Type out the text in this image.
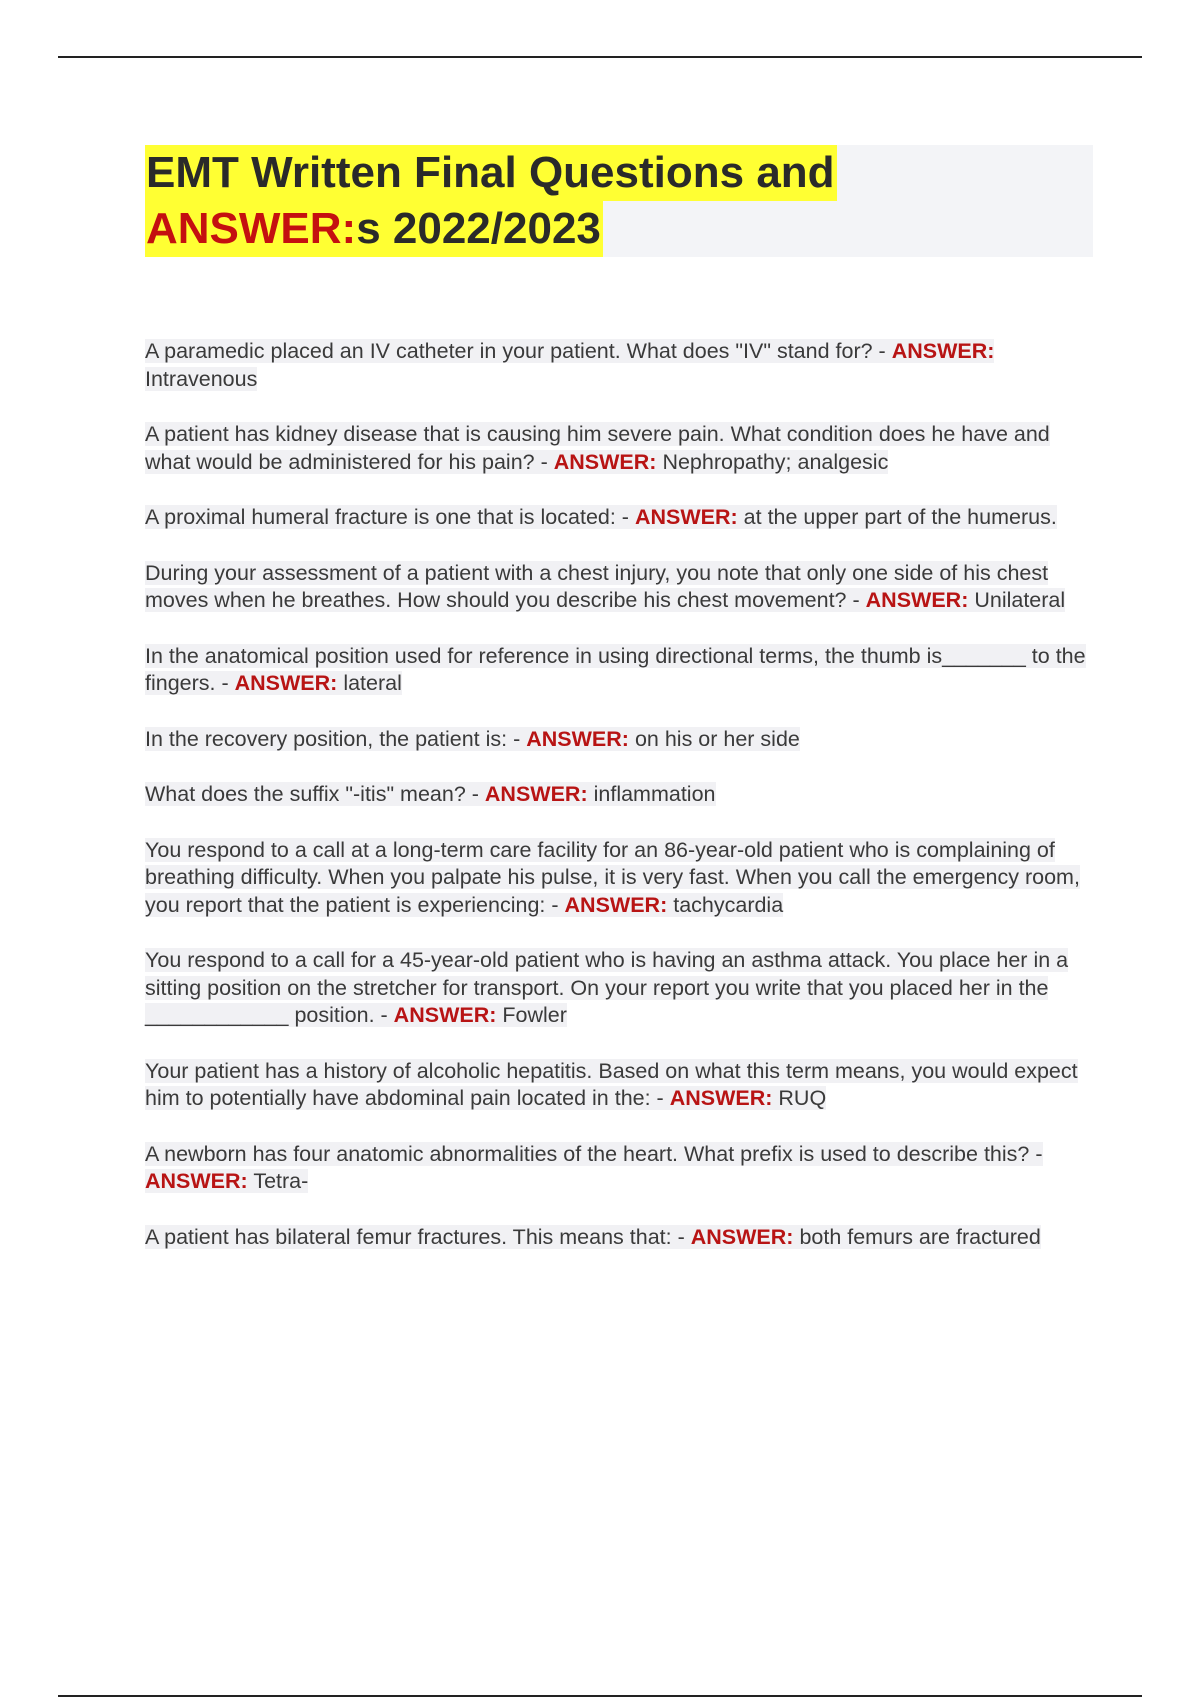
EMT Written Final Questions and
ANSWER:s 2022/2023

A paramedic placed an IV catheter in your patient. What does "IV" stand for? - ANSWER: Intravenous

A patient has kidney disease that is causing him severe pain. What condition does he have and what would be administered for his pain? - ANSWER: Nephropathy; analgesic

A proximal humeral fracture is one that is located: - ANSWER: at the upper part of the humerus.

During your assessment of a patient with a chest injury, you note that only one side of his chest moves when he breathes. How should you describe his chest movement? - ANSWER: Unilateral

In the anatomical position used for reference in using directional terms, the thumb is_______ to the fingers. - ANSWER: lateral

In the recovery position, the patient is: - ANSWER: on his or her side

What does the suffix "-itis" mean? - ANSWER: inflammation

You respond to a call at a long-term care facility for an 86-year-old patient who is complaining of breathing difficulty. When you palpate his pulse, it is very fast. When you call the emergency room, you report that the patient is experiencing: - ANSWER: tachycardia

You respond to a call for a 45-year-old patient who is having an asthma attack. You place her in a sitting position on the stretcher for transport. On your report you write that you placed her in the ____________ position. - ANSWER: Fowler

Your patient has a history of alcoholic hepatitis. Based on what this term means, you would expect him to potentially have abdominal pain located in the: - ANSWER: RUQ

A newborn has four anatomic abnormalities of the heart. What prefix is used to describe this? - ANSWER: Tetra-

A patient has bilateral femur fractures. This means that: - ANSWER: both femurs are fractured
